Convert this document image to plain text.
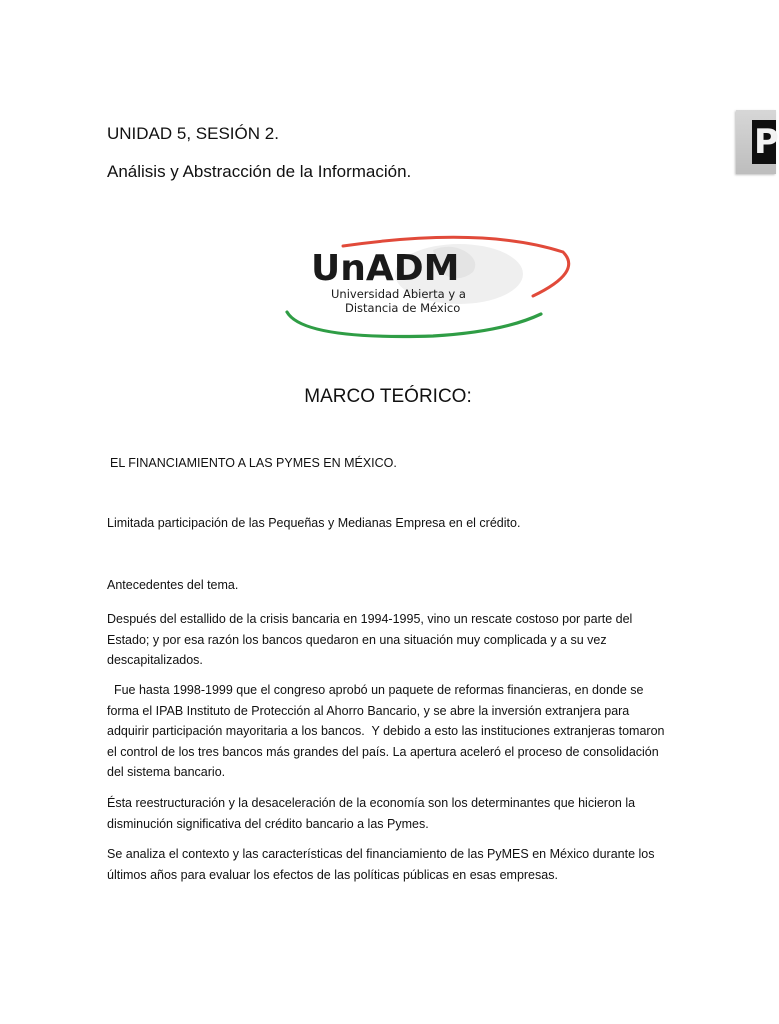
UNIDAD 5, SESIÓN 2.
Análisis y Abstracción de la Información.
UnADM
Universidad Abierta y a
Distancia de México
MARCO TEÓRICO:
EL FINANCIAMIENTO A LAS PYMES EN MÉXICO.
Limitada participación de las Pequeñas y Medianas Empresa en el crédito.
Antecedentes del tema.

Después del estallido de la crisis bancaria en 1994-1995, vino un rescate costoso por parte del Estado; y por esa razón los bancos quedaron en una situación muy complicada y a su vez descapitalizados.

Fue hasta 1998-1999 que el congreso aprobó un paquete de reformas financieras, en donde se forma el IPAB Instituto de Protección al Ahorro Bancario, y se abre la inversión extranjera para adquirir participación mayoritaria a los bancos.  Y debido a esto las instituciones extranjeras tomaron el control de los tres bancos más grandes del país. La apertura aceleró el proceso de consolidación del sistema bancario.

Ésta reestructuración y la desaceleración de la economía son los determinantes que hicieron la disminución significativa del crédito bancario a las Pymes.

Se analiza el contexto y las características del financiamiento de las PyMES en México durante los últimos años para evaluar los efectos de las políticas públicas en esas empresas.

P
